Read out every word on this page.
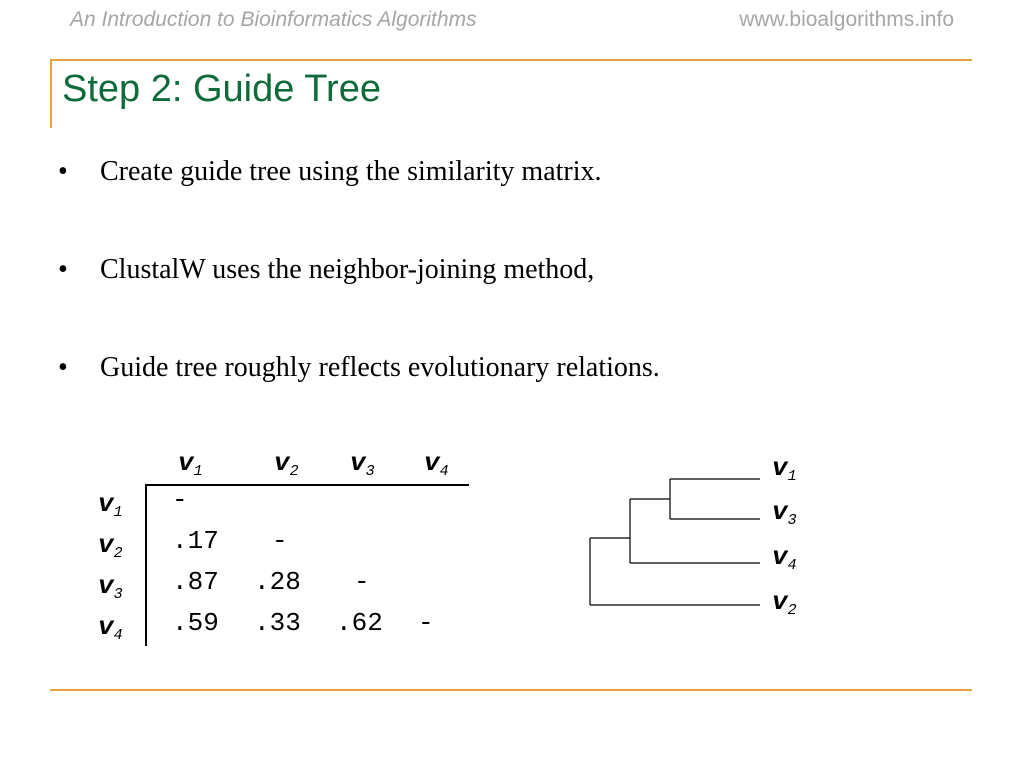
An Introduction to Bioinformatics Algorithms	www.bioalgorithms.info
Step 2: Guide Tree
• Create guide tree using the similarity matrix.
• ClustalW uses the neighbor-joining method,
• Guide tree roughly reflects evolutionary relations.
$v_1$	$v_2$ $v_3$ $v_4$
$v_1$
$v_2$
$v_3$
$v_4$
-
.17 -
.87 .28 -
.59 .33 .62 -
$v_1$
$v_3$
$v_4$
$v_2$
